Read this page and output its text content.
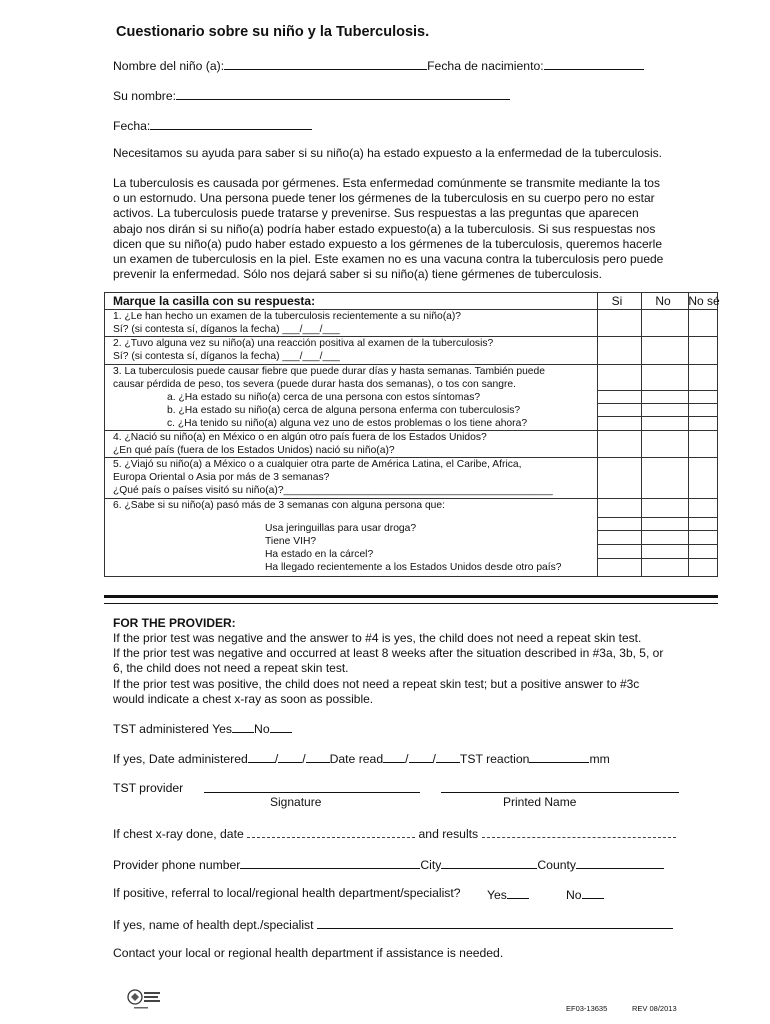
Cuestionario sobre su niño y la Tuberculosis.
Nombre del niño (a):	Fecha de nacimiento:
Su nombre:
Fecha:
Necesitamos su ayuda para saber si su niño(a) ha estado expuesto a la enfermedad de la tuberculosis.
La tuberculosis es causada por gérmenes. Esta enfermedad comúnmente se transmite mediante la tos
o un estornudo. Una persona puede tener los gérmenes de la tuberculosis en su cuerpo pero no estar
activos. La tuberculosis puede tratarse y prevenirse. Sus respuestas a las preguntas que aparecen
abajo nos dirán si su niño(a) podría haber estado expuesto(a) a la tuberculosis. Si sus respuestas nos
dicen que su niño(a) pudo haber estado expuesto a los gérmenes de la tuberculosis, queremos hacerle
un examen de tuberculosis en la piel. Este examen no es una vacuna contra la tuberculosis pero puede
prevenir la enfermedad. Sólo nos dejará saber si su niño(a) tiene gérmenes de tuberculosis.
Marque la casilla con su respuesta:	Si	No	No sé
1. ¿Le han hecho un examen de la tuberculosis recientemente a su niño(a)?
Sí? (si contesta sí, díganos la fecha) ___/___/___
2. ¿Tuvo alguna vez su niño(a) una reacción positiva al examen de la tuberculosis?
Sí? (si contesta sí, díganos la fecha) ___/___/___
3. La tuberculosis puede causar fiebre que puede durar días y hasta semanas. También puede
causar pérdida de peso, tos severa (puede durar hasta dos semanas), o tos con sangre.
a. ¿Ha estado su niño(a) cerca de una persona con estos síntomas?
b. ¿Ha estado su niño(a) cerca de alguna persona enferma con tuberculosis?
c. ¿Ha tenido su niño(a) alguna vez uno de estos problemas o los tiene ahora?
4. ¿Nació su niño(a) en México o en algún otro país fuera de los Estados Unidos?
¿En qué país (fuera de los Estados Unidos) nació su niño(a)?
5. ¿Viajó su niño(a) a México o a cualquier otra parte de América Latina, el Caribe, Africa,
Europa Oriental o Asia por más de 3 semanas?
¿Qué país o países visitó su niño(a)?_______________________________________________
6. ¿Sabe si su niño(a) pasó más de 3 semanas con alguna persona que:
Usa jeringuillas para usar droga?
Tiene VIH?
Ha estado en la cárcel?
Ha llegado recientemente a los Estados Unidos desde otro país?
FOR THE PROVIDER:
If the prior test was negative and the answer to #4 is yes, the child does not need a repeat skin test.
If the prior test was negative and occurred at least 8 weeks after the situation described in #3a, 3b, 5, or
6, the child does not need a repeat skin test.
If the prior test was positive, the child does not need a repeat skin test; but a positive answer to #3c
would indicate a chest x-ray as soon as possible.
TST administered Yes No
If yes, Date administered / / Date read / / TST reaction	mm
TST provider
Signature	Printed Name
If chest x-ray done, date	and results
Provider phone number	City	County
If positive, referral to local/regional health department/specialist? Yes	No
If yes, name of health dept./specialist
Contact your local or regional health department if assistance is needed.
EF03-13635	REV 08/2013
